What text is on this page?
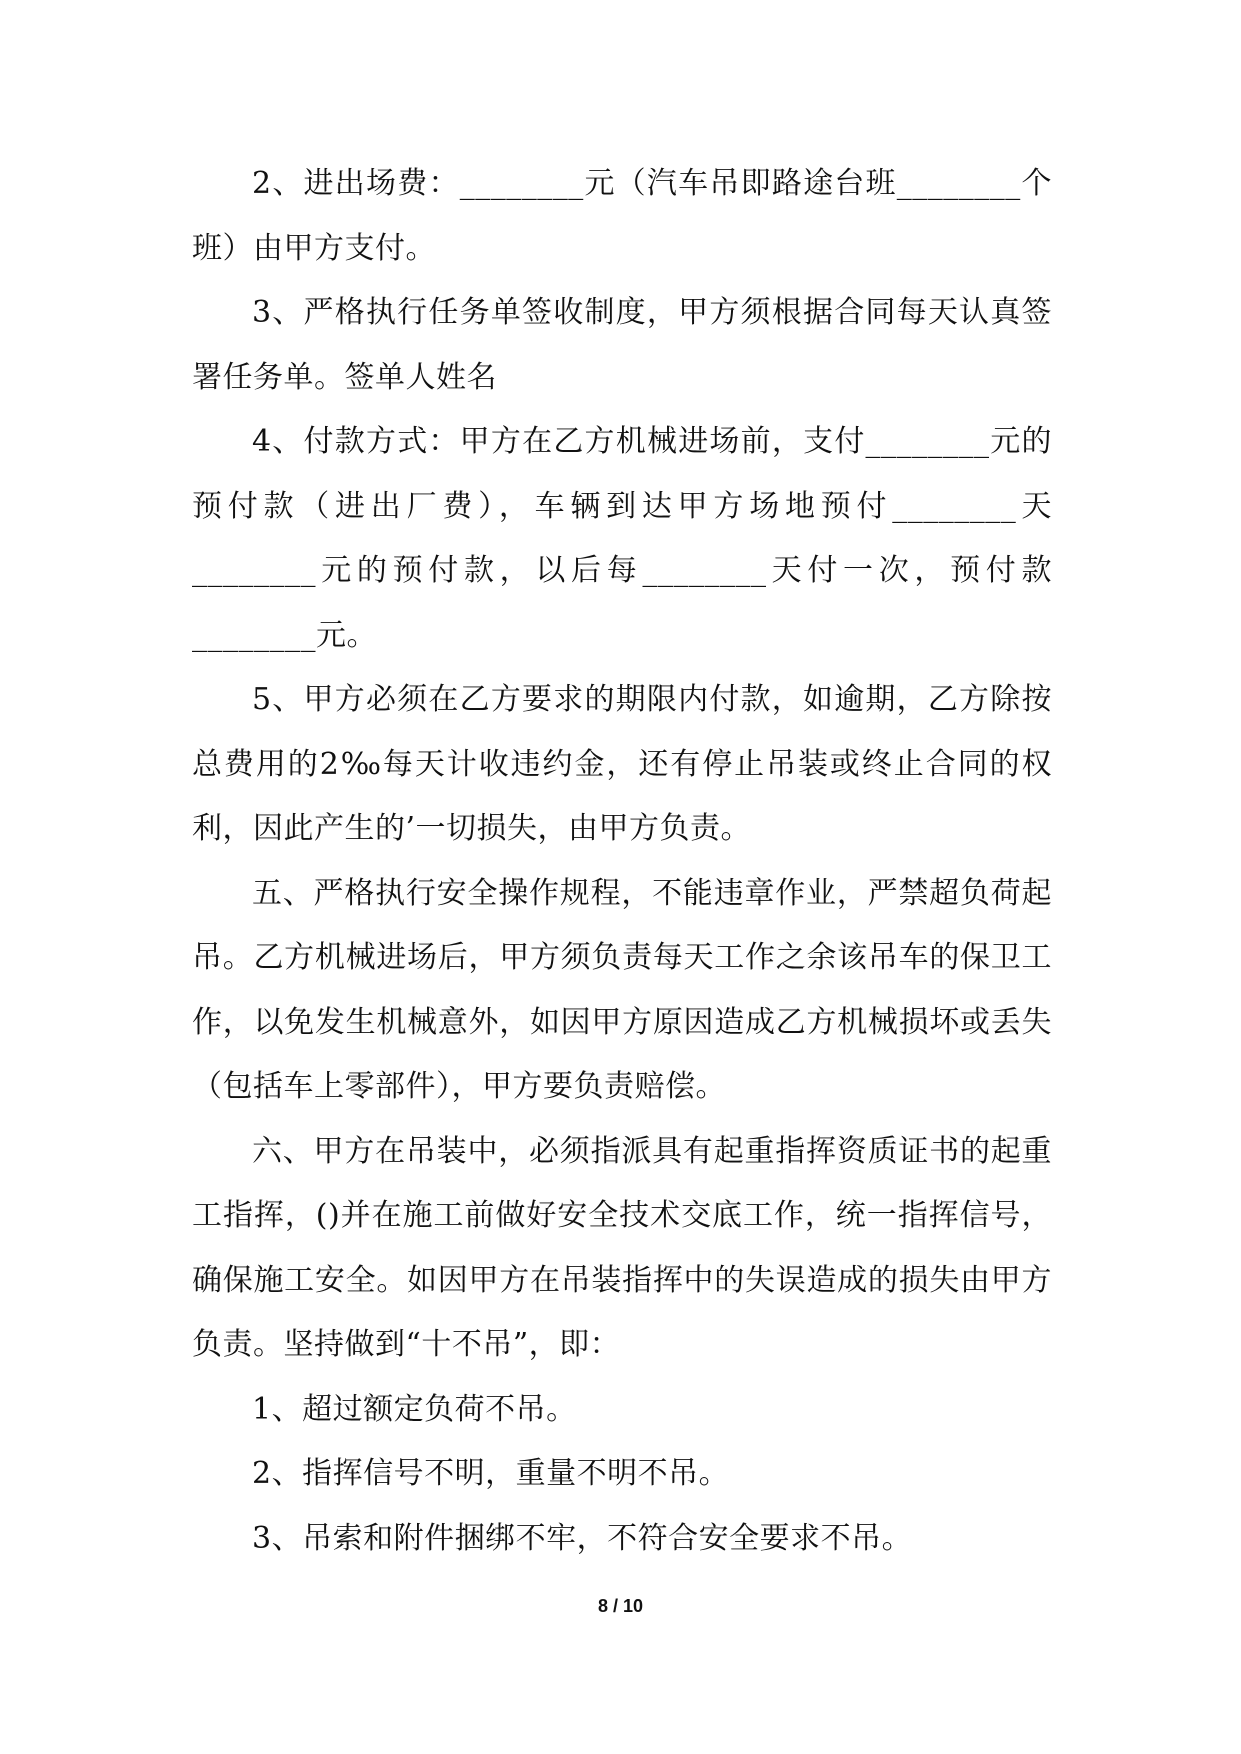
2、进出场费：________元（汽车吊即路途台班________个班）由甲方支付。

3、严格执行任务单签收制度，甲方须根据合同每天认真签署任务单。签单人姓名

4、付款方式：甲方在乙方机械进场前，支付________元的预付款（进出厂费），车辆到达甲方场地预付________天________元的预付款，以后每________天付一次，预付款________元。

5、甲方必须在乙方要求的期限内付款，如逾期，乙方除按总费用的2‰每天计收违约金，还有停止吊装或终止合同的权利，因此产生的’一切损失，由甲方负责。

五、严格执行安全操作规程，不能违章作业，严禁超负荷起吊。乙方机械进场后，甲方须负责每天工作之余该吊车的保卫工作，以免发生机械意外，如因甲方原因造成乙方机械损坏或丢失（包括车上零部件），甲方要负责赔偿。

六、甲方在吊装中，必须指派具有起重指挥资质证书的起重工指挥，()并在施工前做好安全技术交底工作，统一指挥信号，确保施工安全。如因甲方在吊装指挥中的失误造成的损失由甲方负责。坚持做到“十不吊”，即：

1、超过额定负荷不吊。

2、指挥信号不明，重量不明不吊。

3、吊索和附件捆绑不牢，不符合安全要求不吊。

8 / 10
